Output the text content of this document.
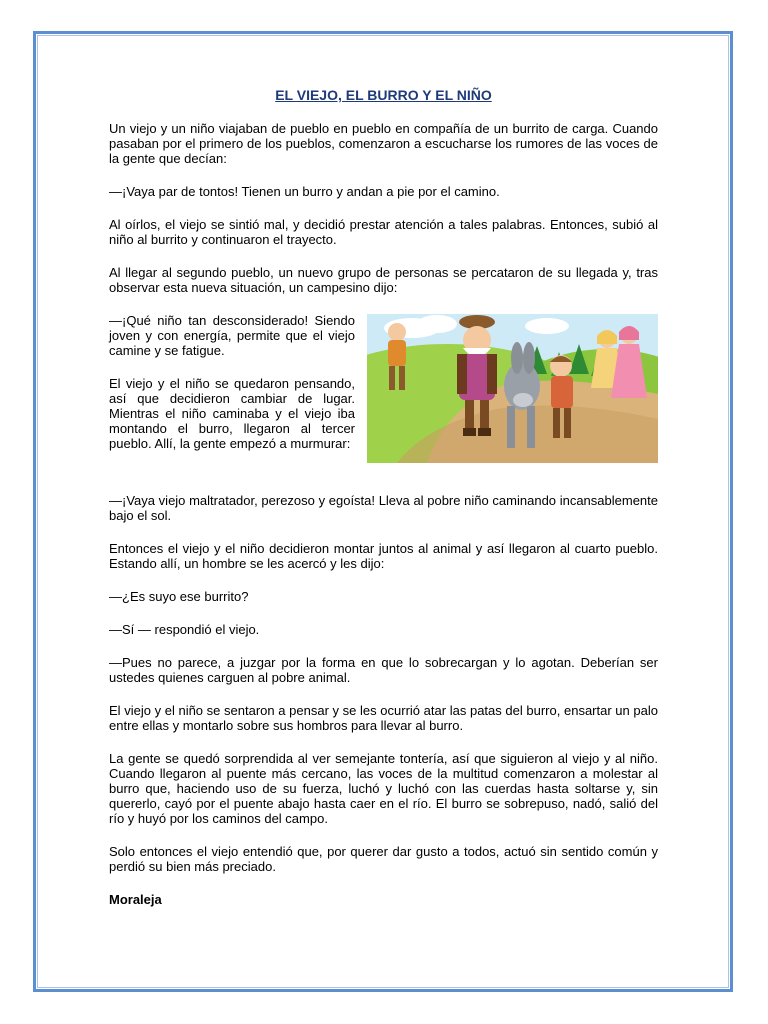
EL VIEJO, EL BURRO Y EL NIÑO

Un viejo y un niño viajaban de pueblo en pueblo en compañía de un burrito de carga. Cuando pasaban por el primero de los pueblos, comenzaron a escucharse los rumores de las voces de la gente que decían:

—¡Vaya par de tontos! Tienen un burro y andan a pie por el camino.

Al oírlos, el viejo se sintió mal, y decidió prestar atención a tales palabras. Entonces, subió al niño al burrito y continuaron el trayecto.

Al llegar al segundo pueblo, un nuevo grupo de personas se percataron de su llegada y, tras observar esta nueva situación, un campesino dijo:

—¡Qué niño tan desconsiderado! Siendo joven y con energía, permite que el viejo camine y se fatigue.

El viejo y el niño se quedaron pensando, así que decidieron cambiar de lugar. Mientras el niño caminaba y el viejo iba montando el burro, llegaron al tercer pueblo. Allí, la gente empezó a murmurar:

—¡Vaya viejo maltratador, perezoso y egoísta! Lleva al pobre niño caminando incansablemente bajo el sol.

Entonces el viejo y el niño decidieron montar juntos al animal y así llegaron al cuarto pueblo. Estando allí, un hombre se les acercó y les dijo:

—¿Es suyo ese burrito?

—Sí — respondió el viejo.

—Pues no parece, a juzgar por la forma en que lo sobrecargan y lo agotan. Deberían ser ustedes quienes carguen al pobre animal.

El viejo y el niño se sentaron a pensar y se les ocurrió atar las patas del burro, ensartar un palo entre ellas y montarlo sobre sus hombros para llevar al burro.

La gente se quedó sorprendida al ver semejante tontería, así que siguieron al viejo y al niño. Cuando llegaron al puente más cercano, las voces de la multitud comenzaron a molestar al burro que, haciendo uso de su fuerza, luchó y luchó con las cuerdas hasta soltarse y, sin quererlo, cayó por el puente abajo hasta caer en el río. El burro se sobrepuso, nadó, salió del río y huyó por los caminos del campo.

Solo entonces el viejo entendió que, por querer dar gusto a todos, actuó sin sentido común y perdió su bien más preciado.

Moraleja
